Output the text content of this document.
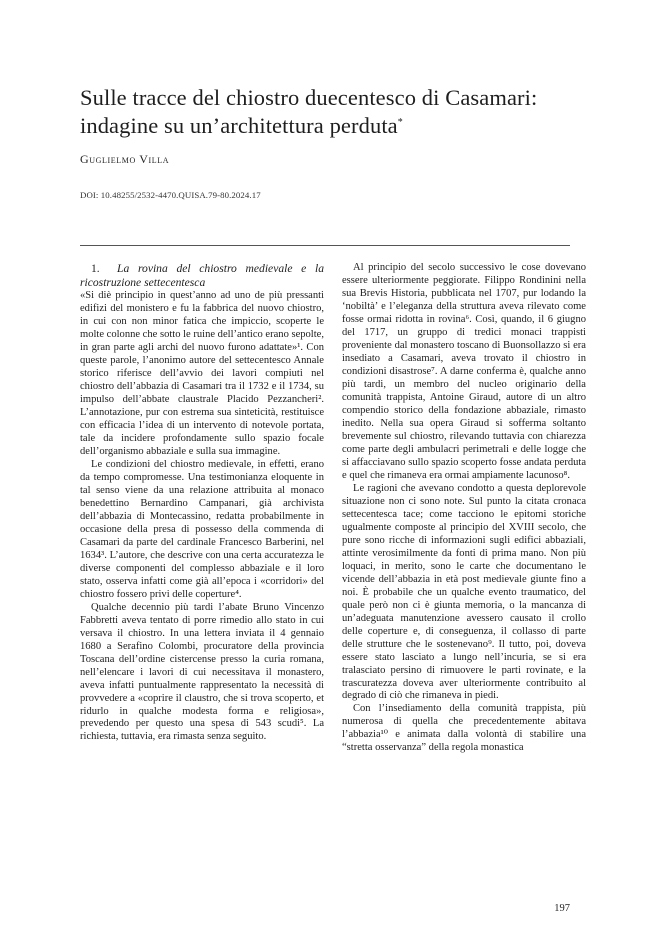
Sulle tracce del chiostro duecentesco di Casamari:
indagine su un’architettura perduta*

Guglielmo Villa

DOI: 10.48255/2532-4470.QUISA.79-80.2024.17

1. La rovina del chiostro medievale e la ricostruzione settecentesca

«Si diè principio in quest’anno ad uno de più pressanti edifizi del monistero e fu la fabbrica del nuovo chiostro, in cui con non minor fatica che impiccio, scoperte le molte colonne che sotto le ruine dell’antico erano sepolte, in gran parte agli archi del nuovo furono adattate»¹. Con queste parole, l’anonimo autore del settecentesco Annale storico riferisce dell’avvio dei lavori compiuti nel chiostro dell’abbazia di Casamari tra il 1732 e il 1734, su impulso dell’abbate claustrale Placido Pezzancheri². L’annotazione, pur con estrema sua sinteticità, restituisce con efficacia l’idea di un intervento di notevole portata, tale da incidere profondamente sullo spazio focale dell’organismo abbaziale e sulla sua immagine.

Le condizioni del chiostro medievale, in effetti, erano da tempo compromesse. Una testimonianza eloquente in tal senso viene da una relazione attribuita al monaco benedettino Bernardino Campanari, già archivista dell’abbazia di Montecassino, redatta probabilmente in occasione della presa di possesso della commenda di Casamari da parte del cardinale Francesco Barberini, nel 1634³. L’autore, che descrive con una certa accuratezza le diverse componenti del complesso abbaziale e il loro stato, osserva infatti come già all’epoca i «corridori» del chiostro fossero privi delle coperture⁴.

Qualche decennio più tardi l’abate Bruno Vincenzo Fabbretti aveva tentato di porre rimedio allo stato in cui versava il chiostro. In una lettera inviata il 4 gennaio 1680 a Serafino Colombi, procuratore della provincia Toscana dell’ordine cistercense presso la curia romana, nell’elencare i lavori di cui necessitava il monastero, aveva infatti puntualmente rappresentato la necessità di provvedere a «coprire il claustro, che si trova scoperto, et ridurlo in qualche modesta forma e religiosa», prevedendo per questo una spesa di 543 scudi⁵. La richiesta, tuttavia, era rimasta senza seguito.

Al principio del secolo successivo le cose dovevano essere ulteriormente peggiorate. Filippo Rondinini nella sua Brevis Historia, pubblicata nel 1707, pur lodando la ‘nobiltà’ e l’eleganza della struttura aveva rilevato come fosse ormai ridotta in rovina⁶. Così, quando, il 6 giugno del 1717, un gruppo di tredici monaci trappisti proveniente dal monastero toscano di Buonsollazzo si era insediato a Casamari, aveva trovato il chiostro in condizioni disastrose⁷. A darne conferma è, qualche anno più tardi, un membro del nucleo originario della comunità trappista, Antoine Giraud, autore di un altro compendio storico della fondazione abbaziale, rimasto inedito. Nella sua opera Giraud si sofferma soltanto brevemente sul chiostro, rilevando tuttavia con chiarezza come parte degli ambulacri perimetrali e delle logge che si affacciavano sullo spazio scoperto fosse andata perduta e quel che rimaneva era ormai ampiamente lacunoso⁸.

Le ragioni che avevano condotto a questa deplorevole situazione non ci sono note. Sul punto la citata cronaca settecentesca tace; come tacciono le epitomi storiche ugualmente composte al principio del XVIII secolo, che pure sono ricche di informazioni sugli edifici abbaziali, attinte verosimilmente da fonti di prima mano. Non più loquaci, in merito, sono le carte che documentano le vicende dell’abbazia in età post medievale giunte fino a noi. È probabile che un qualche evento traumatico, del quale però non ci è giunta memoria, o la mancanza di un’adeguata manutenzione avessero causato il crollo delle coperture e, di conseguenza, il collasso di parte delle strutture che le sostenevano⁹. Il tutto, poi, doveva essere stato lasciato a lungo nell’incuria, se si era tralasciato persino di rimuovere le parti rovinate, e la trascuratezza doveva aver ulteriormente contribuito al degrado di ciò che rimaneva in piedi.

Con l’insediamento della comunità trappista, più numerosa di quella che precedentemente abitava l’abbazia¹⁰ e animata dalla volontà di stabilire una “stretta osservanza” della regola monastica

197
